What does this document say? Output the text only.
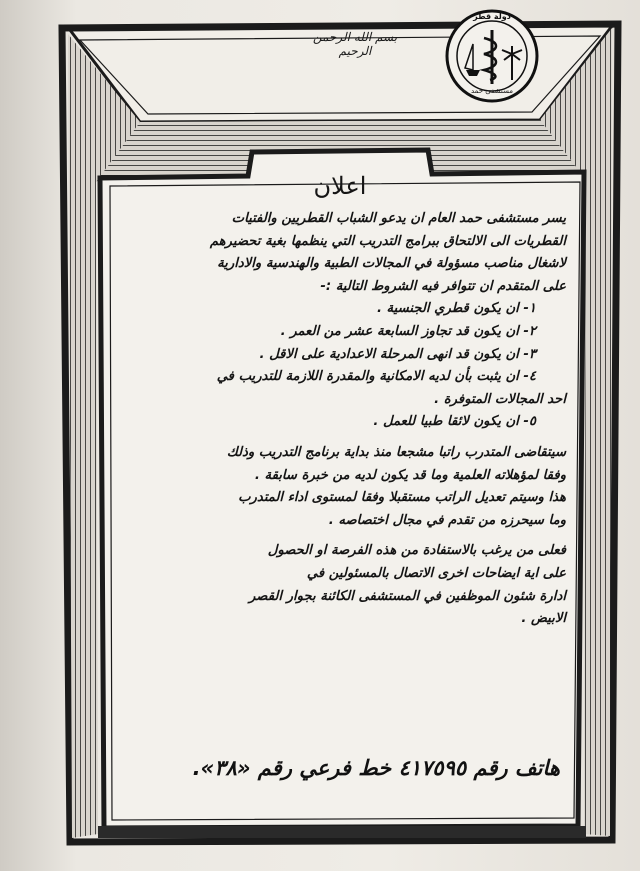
دولة قطر
مستشفى حمد
بسم الله الرحمن الرحيم
اعلان
يسر مستشفى حمد العام ان يدعو الشباب القطريين والفتيات
القطريات الى الالتحاق ببرامج التدريب التي ينظمها بغية تحضيرهم
لاشغال مناصب مسؤولة في المجالات الطبية والهندسية والادارية
على المتقدم ان تتوافر فيه الشروط التالية :-
١- ان يكون قطري الجنسية .
٢- ان يكون قد تجاوز السابعة عشر من العمر .
٣- ان يكون قد انهى المرحلة الاعدادية على الاقل .
٤- ان يثبت بأن لديه الامكانية والمقدرة اللازمة للتدريب في
احد المجالات المتوفرة .
٥- ان يكون لائقا طبيا للعمل .
سيتقاضى المتدرب راتبا مشجعا منذ بداية برنامج التدريب وذلك
وفقا لمؤهلاته العلمية وما قد يكون لديه من خبرة سابقة .
هذا وسيتم تعديل الراتب مستقبلا وفقا لمستوى اداء المتدرب
وما سيحرزه من تقدم في مجال اختصاصه .
فعلى من يرغب بالاستفادة من هذه الفرصة او الحصول
على اية ايضاحات اخرى الاتصال بالمسئولين في
ادارة شئون الموظفين في المستشفى الكائنة بجوار القصر
الابيض .
هاتف رقم ٤١٧٥٩٥ خط فرعي رقم «٣٨».
